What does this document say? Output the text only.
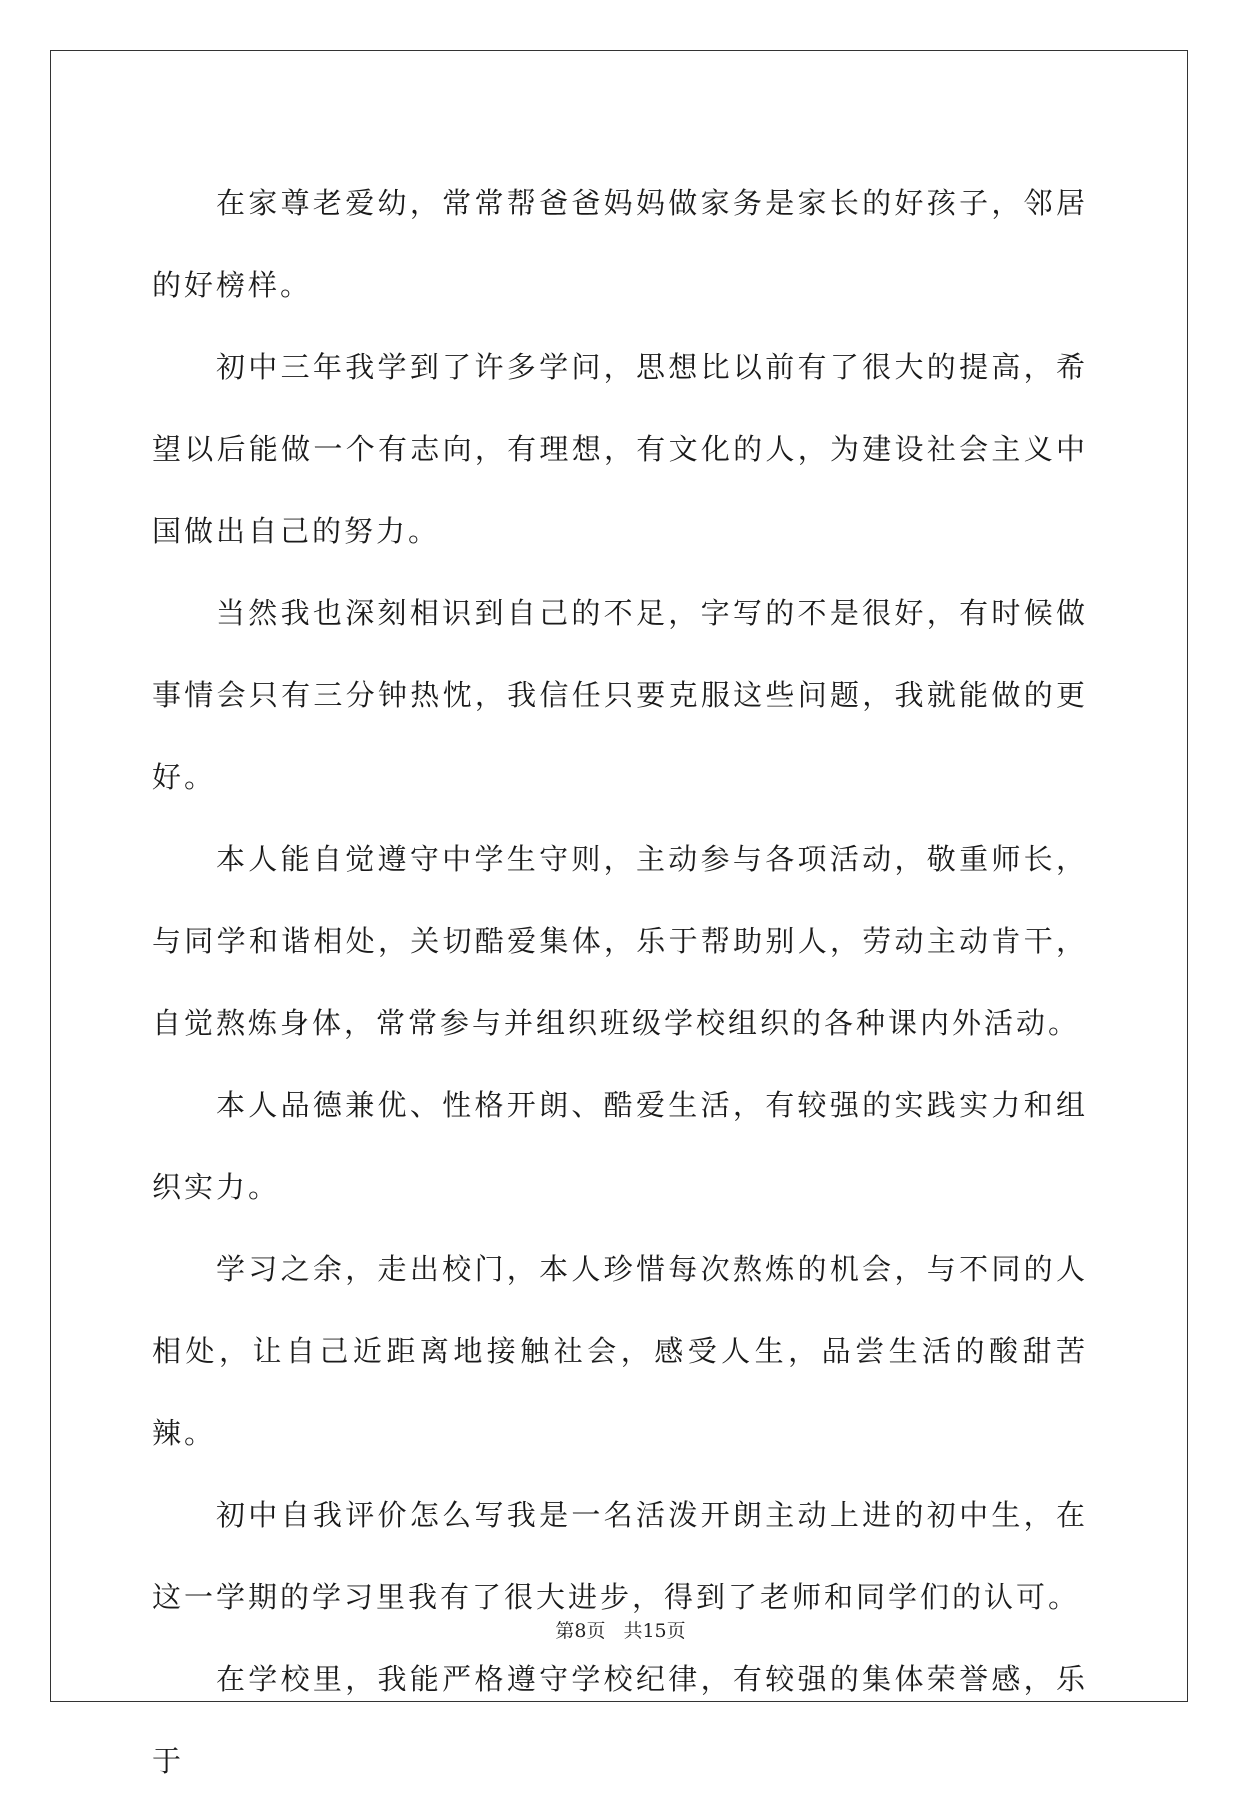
在家尊老爱幼，常常帮爸爸妈妈做家务是家长的好孩子，邻居的好榜样。

初中三年我学到了许多学问，思想比以前有了很大的提高，希望以后能做一个有志向，有理想，有文化的人，为建设社会主义中国做出自己的努力。

当然我也深刻相识到自己的不足，字写的不是很好，有时候做事情会只有三分钟热忱，我信任只要克服这些问题，我就能做的更好。

本人能自觉遵守中学生守则，主动参与各项活动，敬重师长，与同学和谐相处，关切酷爱集体，乐于帮助别人，劳动主动肯干，自觉熬炼身体，常常参与并组织班级学校组织的各种课内外活动。

本人品德兼优、性格开朗、酷爱生活，有较强的实践实力和组织实力。

学习之余，走出校门，本人珍惜每次熬炼的机会，与不同的人相处，让自己近距离地接触社会，感受人生，品尝生活的酸甜苦辣。

初中自我评价怎么写我是一名活泼开朗主动上进的初中生，在这一学期的学习里我有了很大进步，得到了老师和同学们的认可。

在学校里，我能严格遵守学校纪律，有较强的集体荣誉感，乐于

第8页 共15页
